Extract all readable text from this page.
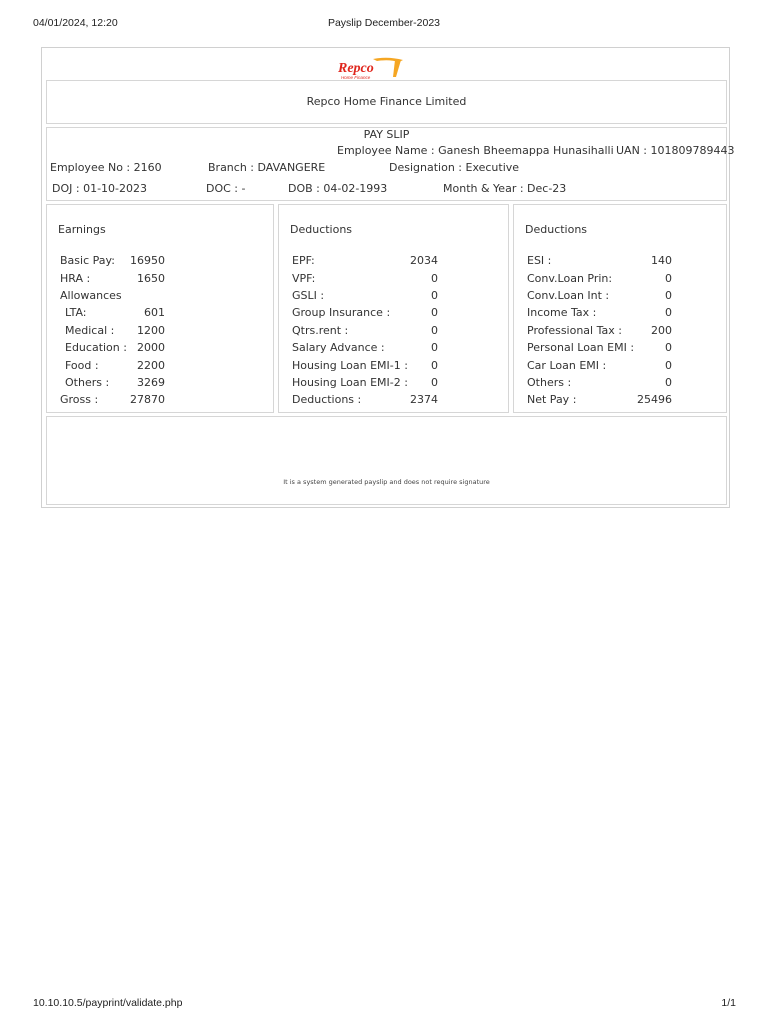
04/01/2024, 12:20	Payslip December-2023
Repco
Home Finance
Repco Home Finance Limited
PAY SLIP
Employee Name : Ganesh Bheemappa Hunasihalli UAN : 101809789443
Employee No : 2160	Branch : DAVANGERE	Designation : Executive
DOJ : 01-10-2023	DOC : -	DOB : 04-02-1993	Month & Year : Dec-23
Earnings
Basic Pay:	16950
HRA :	1650
Allowances
LTA:	601
Medical :	1200
Education : 2000
Food :	2200
Others :	3269
Gross :	27870
Deductions
EPF:	2034
VPF:	0
GSLI :	0
Group Insurance :	0
Qtrs.rent :	0
Salary Advance :	0
Housing Loan EMI-1 :	0
Housing Loan EMI-2 :	0
Deductions :	2374
Deductions
ESI :	140
Conv.Loan Prin:	0
Conv.Loan Int :	0
Income Tax :	0
Professional Tax :	200
Personal Loan EMI :	0
Car Loan EMI :	0
Others :	0
Net Pay :	25496
It is a system generated payslip and does not require signature
10.10.10.5/payprint/validate.php	1/1
